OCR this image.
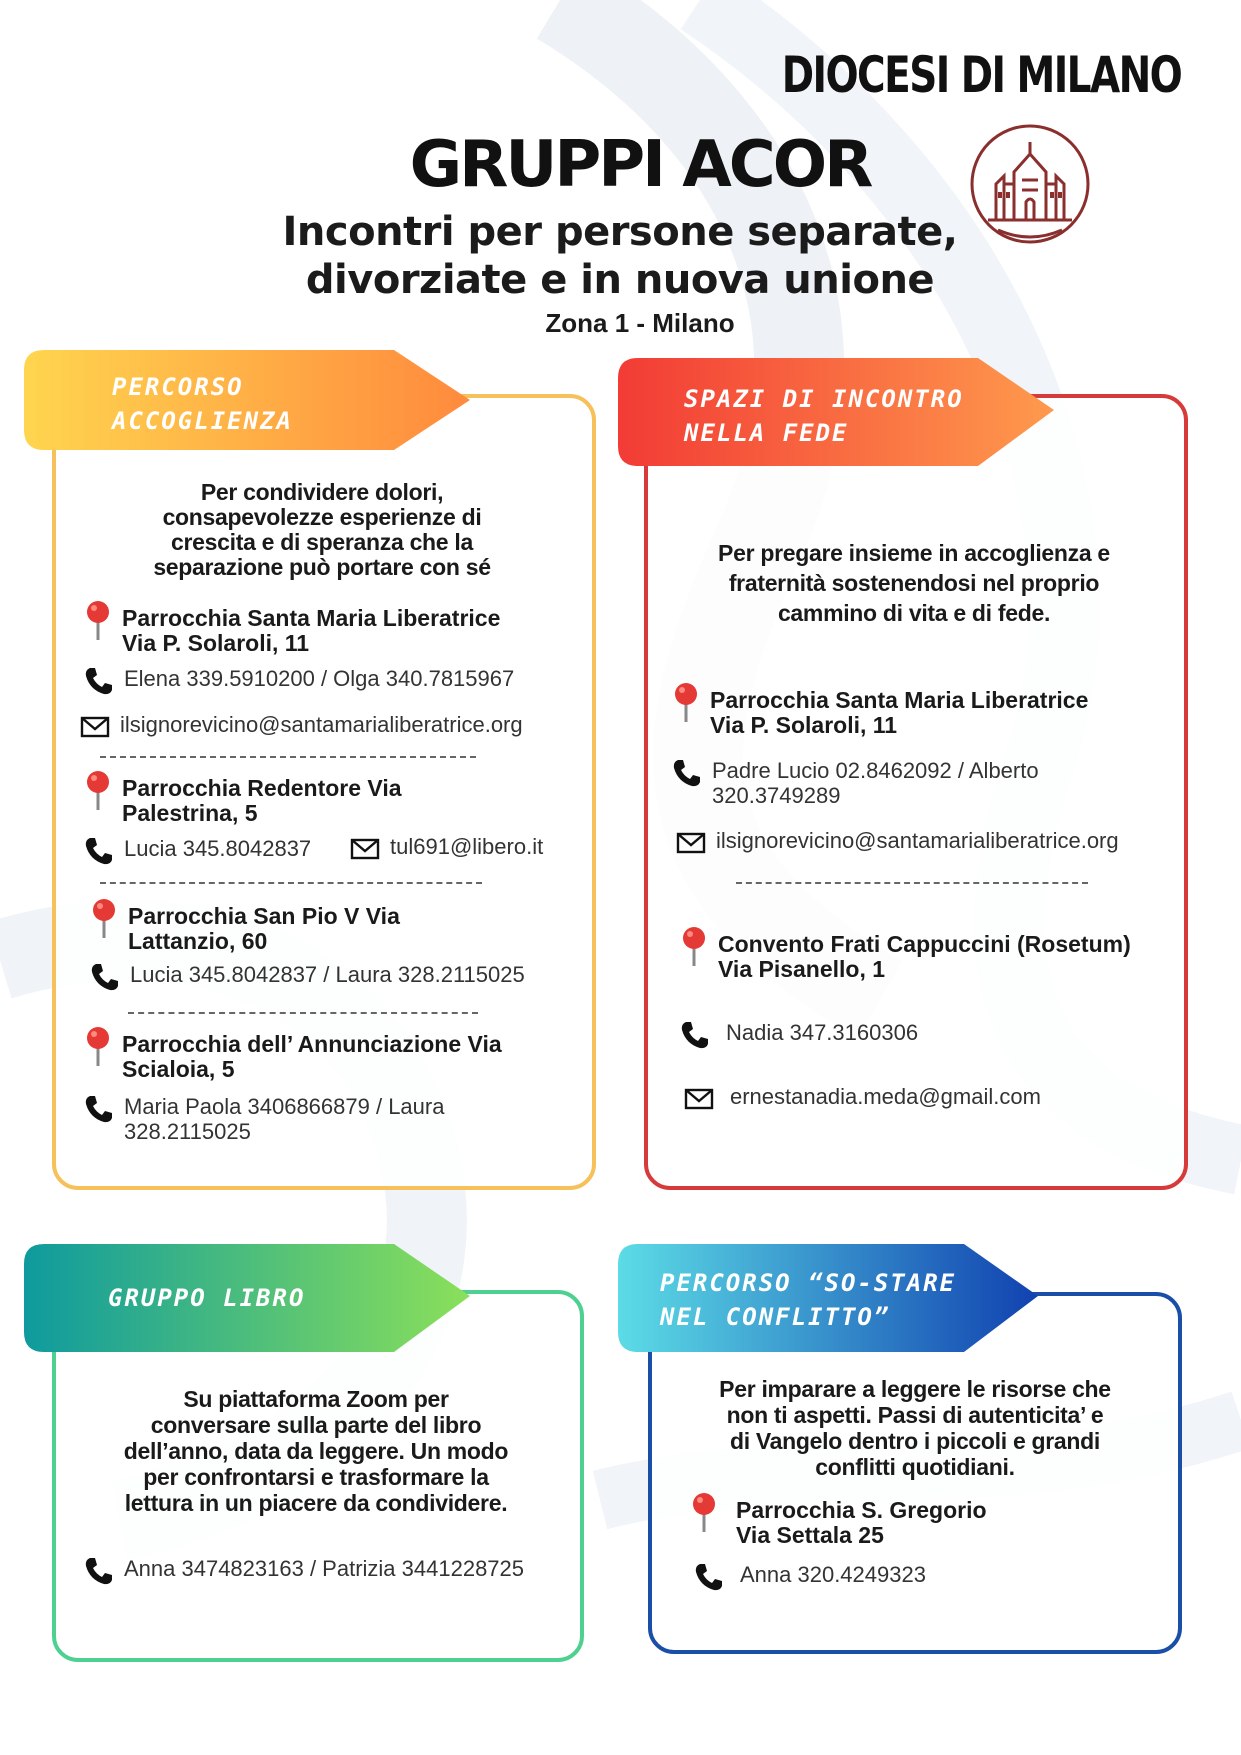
DIOCESI DI MILANO
GRUPPI ACOR
Incontri per persone separate,
divorziate e in nuova unione
Zona 1 - Milano
PERCORSO
ACCOGLIENZA
Per condividere dolori,
consapevolezze esperienze di
crescita e di speranza che la
separazione può portare con sé
Parrocchia Santa Maria Liberatrice
Via P. Solaroli, 11
Elena 339.5910200 / Olga 340.7815967
ilsignorevicino@santamarialiberatrice.org
Parrocchia Redentore Via
Palestrina, 5
Lucia 345.8042837	tul691@libero.it
Parrocchia San Pio V Via
Lattanzio, 60
Lucia 345.8042837 / Laura 328.2115025
Parrocchia dell’ Annunciazione Via
Scialoia, 5
Maria Paola 3406866879 / Laura
328.2115025
SPAZI DI INCONTRO
NELLA FEDE
Per pregare insieme in accoglienza e
fraternità sostenendosi nel proprio
cammino di vita e di fede.
Parrocchia Santa Maria Liberatrice
Via P. Solaroli, 11
Padre Lucio 02.8462092 / Alberto
320.3749289
ilsignorevicino@santamarialiberatrice.org
Convento Frati Cappuccini (Rosetum)
Via Pisanello, 1
Nadia 347.3160306
ernestanadia.meda@gmail.com
GRUPPO LIBRO
Su piattaforma Zoom per
conversare sulla parte del libro
dell’anno, data da leggere. Un modo
per confrontarsi e trasformare la
lettura in un piacere da condividere.
Anna 3474823163 / Patrizia 3441228725
PERCORSO “SO-STARE
NEL CONFLITTO”
Per imparare a leggere le risorse che
non ti aspetti. Passi di autenticita’ e
di Vangelo dentro i piccoli e grandi
conflitti quotidiani.
Parrocchia S. Gregorio
Via Settala 25
Anna 320.4249323
